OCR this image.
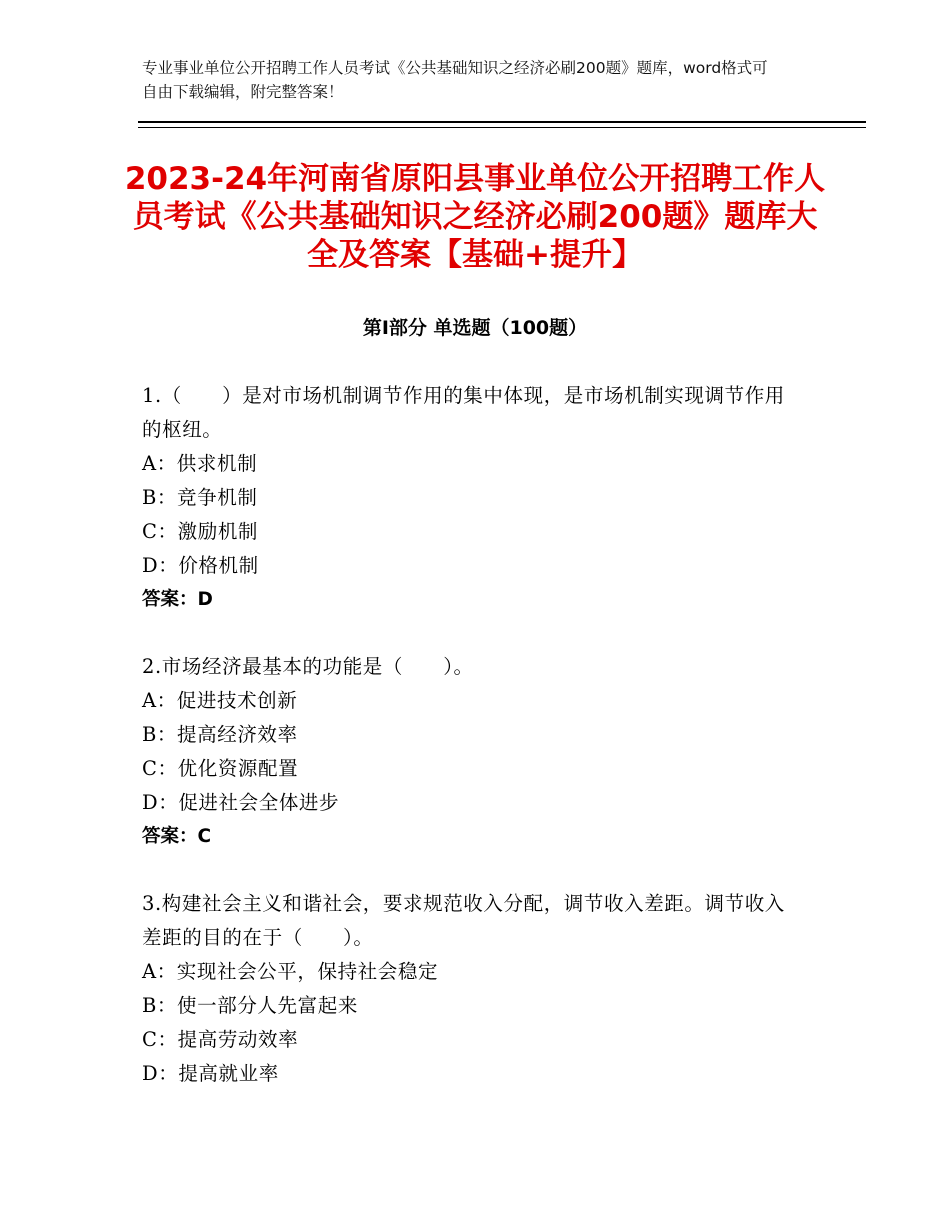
专业事业单位公开招聘工作人员考试《公共基础知识之经济必刷200题》题库，word格式可自由下载编辑，附完整答案！
2023-24年河南省原阳县事业单位公开招聘工作人员考试《公共基础知识之经济必刷200题》题库大全及答案【基础+提升】
第Ⅰ部分 单选题（100题）
1.（　　）是对市场机制调节作用的集中体现，是市场机制实现调节作用的枢纽。
A：供求机制
B：竞争机制
C：激励机制
D：价格机制
答案：D
2.市场经济最基本的功能是（　　）。
A：促进技术创新
B：提高经济效率
C：优化资源配置
D：促进社会全体进步
答案：C
3.构建社会主义和谐社会，要求规范收入分配，调节收入差距。调节收入差距的目的在于（　　）。
A：实现社会公平，保持社会稳定
B：使一部分人先富起来
C：提高劳动效率
D：提高就业率
